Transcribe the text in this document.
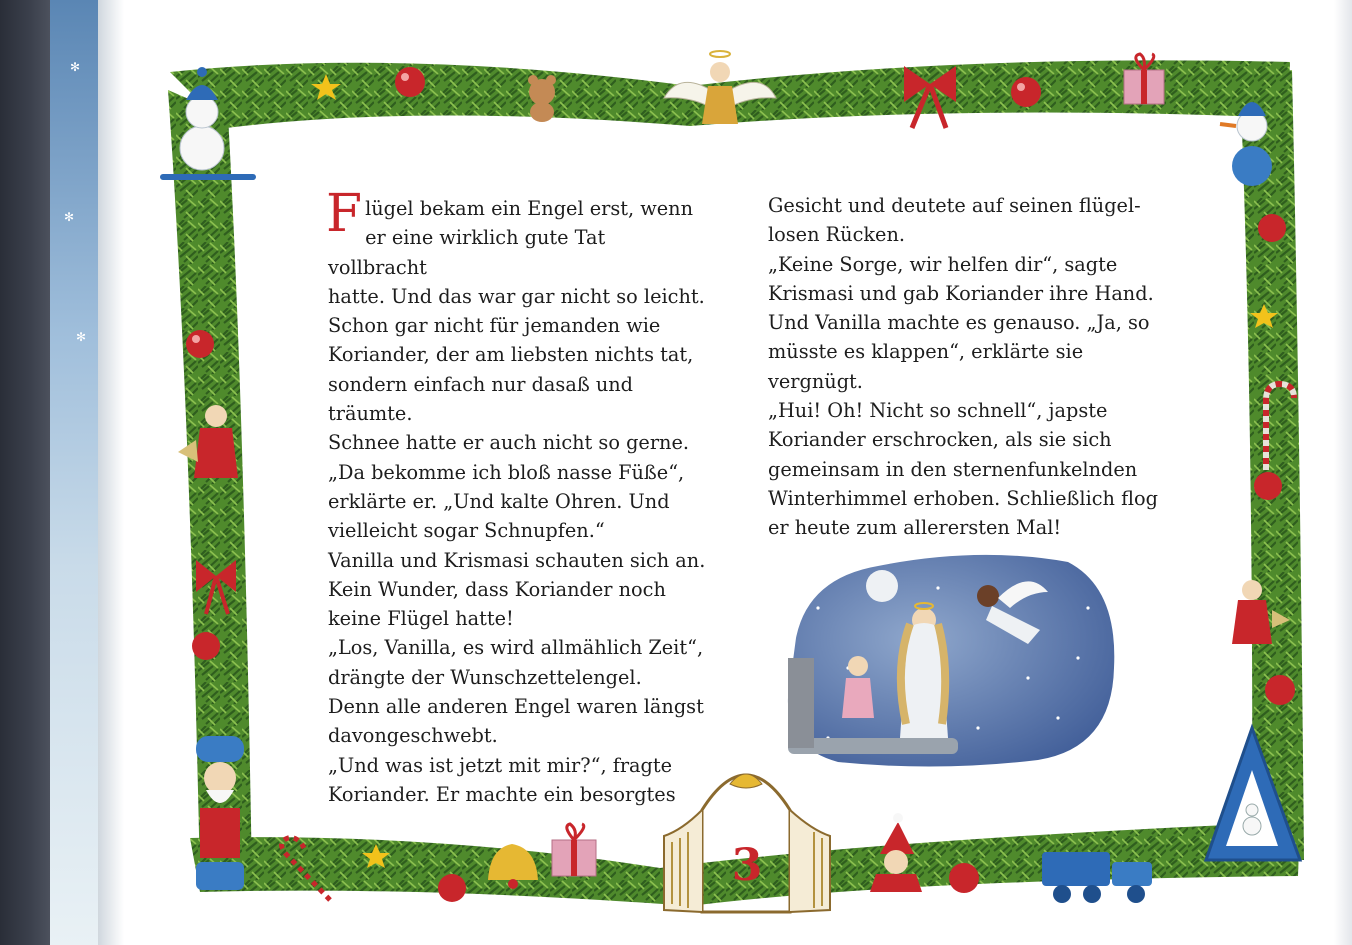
✻
✻
✻
Flügel bekam ein Engel erst, wenn
er eine wirklich gute Tat vollbracht
hatte. Und das war gar nicht so leicht.
Schon gar nicht für jemanden wie
Koriander, der am liebsten nichts tat,
sondern einfach nur dasaß und
träumte.
Schnee hatte er auch nicht so gerne.
„Da bekomme ich bloß nasse Füße“,
erklärte er. „Und kalte Ohren. Und
vielleicht sogar Schnupfen.“
Vanilla und Krismasi schauten sich an.
Kein Wunder, dass Koriander noch
keine Flügel hatte!
„Los, Vanilla, es wird allmählich Zeit“,
drängte der Wunschzettelengel.
Denn alle anderen Engel waren längst
davongeschwebt.
„Und was ist jetzt mit mir?“, fragte
Koriander. Er machte ein besorgtes
Gesicht und deutete auf seinen flügel-
losen Rücken.
„Keine Sorge, wir helfen dir“, sagte
Krismasi und gab Koriander ihre Hand.
Und Vanilla machte es genauso. „Ja, so
müsste es klappen“, erklärte sie vergnügt.
„Hui! Oh! Nicht so schnell“, japste
Koriander erschrocken, als sie sich
gemeinsam in den sternenfunkelnden
Winterhimmel erhoben. Schließlich flog
er heute zum allerersten Mal!
3
